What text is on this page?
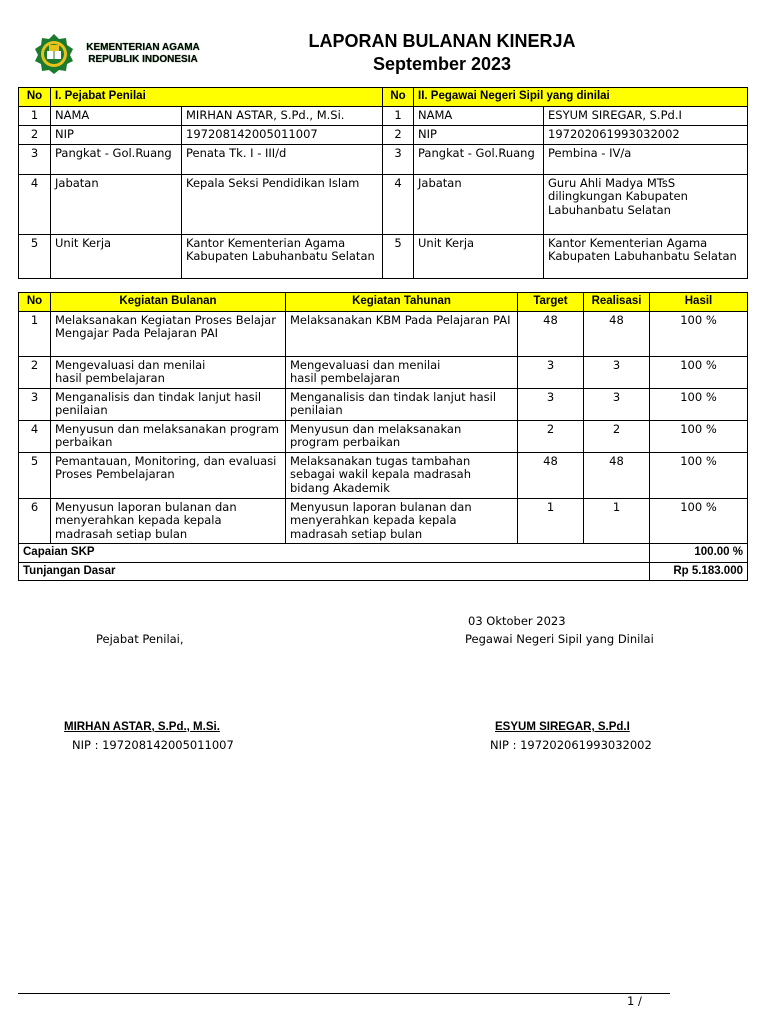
KEMENTERIAN AGAMA
REPUBLIK INDONESIA
LAPORAN BULANAN KINERJA
September 2023
No	I. Pejabat Penilai		No	II. Pegawai Negeri Sipil yang dinilai	
1	NAMA	MIRHAN ASTAR, S.Pd., M.Si.	1	NAMA	ESYUM SIREGAR, S.Pd.I
2	NIP	197208142005011007	2	NIP	197202061993032002
3	Pangkat - Gol.Ruang	Penata Tk. I - III/d	3	Pangkat - Gol.Ruang	Pembina - IV/a
4	Jabatan	Kepala Seksi Pendidikan Islam	4	Jabatan	Guru Ahli Madya MTsS dilingkungan Kabupaten Labuhanbatu Selatan
5	Unit Kerja	Kantor Kementerian Agama Kabupaten Labuhanbatu Selatan	5	Unit Kerja	Kantor Kementerian Agama Kabupaten Labuhanbatu Selatan
No	Kegiatan Bulanan	Kegiatan Tahunan	Target	Realisasi	Hasil
1	Melaksanakan Kegiatan Proses Belajar Mengajar Pada Pelajaran PAI	Melaksanakan KBM Pada Pelajaran PAI	48	48	100 %
2	Mengevaluasi dan menilai hasil pembelajaran	Mengevaluasi dan menilai hasil pembelajaran	3	3	100 %
3	Menganalisis dan tindak lanjut hasil penilaian	Menganalisis dan tindak lanjut hasil penilaian	3	3	100 %
4	Menyusun dan melaksanakan program perbaikan	Menyusun dan melaksanakan program perbaikan	2	2	100 %
5	Pemantauan, Monitoring, dan evaluasi Proses Pembelajaran	Melaksanakan tugas tambahan sebagai wakil kepala madrasah bidang Akademik	48	48	100 %
6	Menyusun laporan bulanan dan menyerahkan kepada kepala madrasah setiap bulan	Menyusun laporan bulanan dan menyerahkan kepada kepala madrasah setiap bulan	1	1	100 %
Capaian SKP					100.00 %
Tunjangan Dasar					Rp 5.183.000
03 Oktober 2023
Pejabat Penilai,	Pegawai Negeri Sipil yang Dinilai
MIRHAN ASTAR, S.Pd., M.Si.
NIP : 197208142005011007
ESYUM SIREGAR, S.Pd.I
NIP : 197202061993032002
1 /
